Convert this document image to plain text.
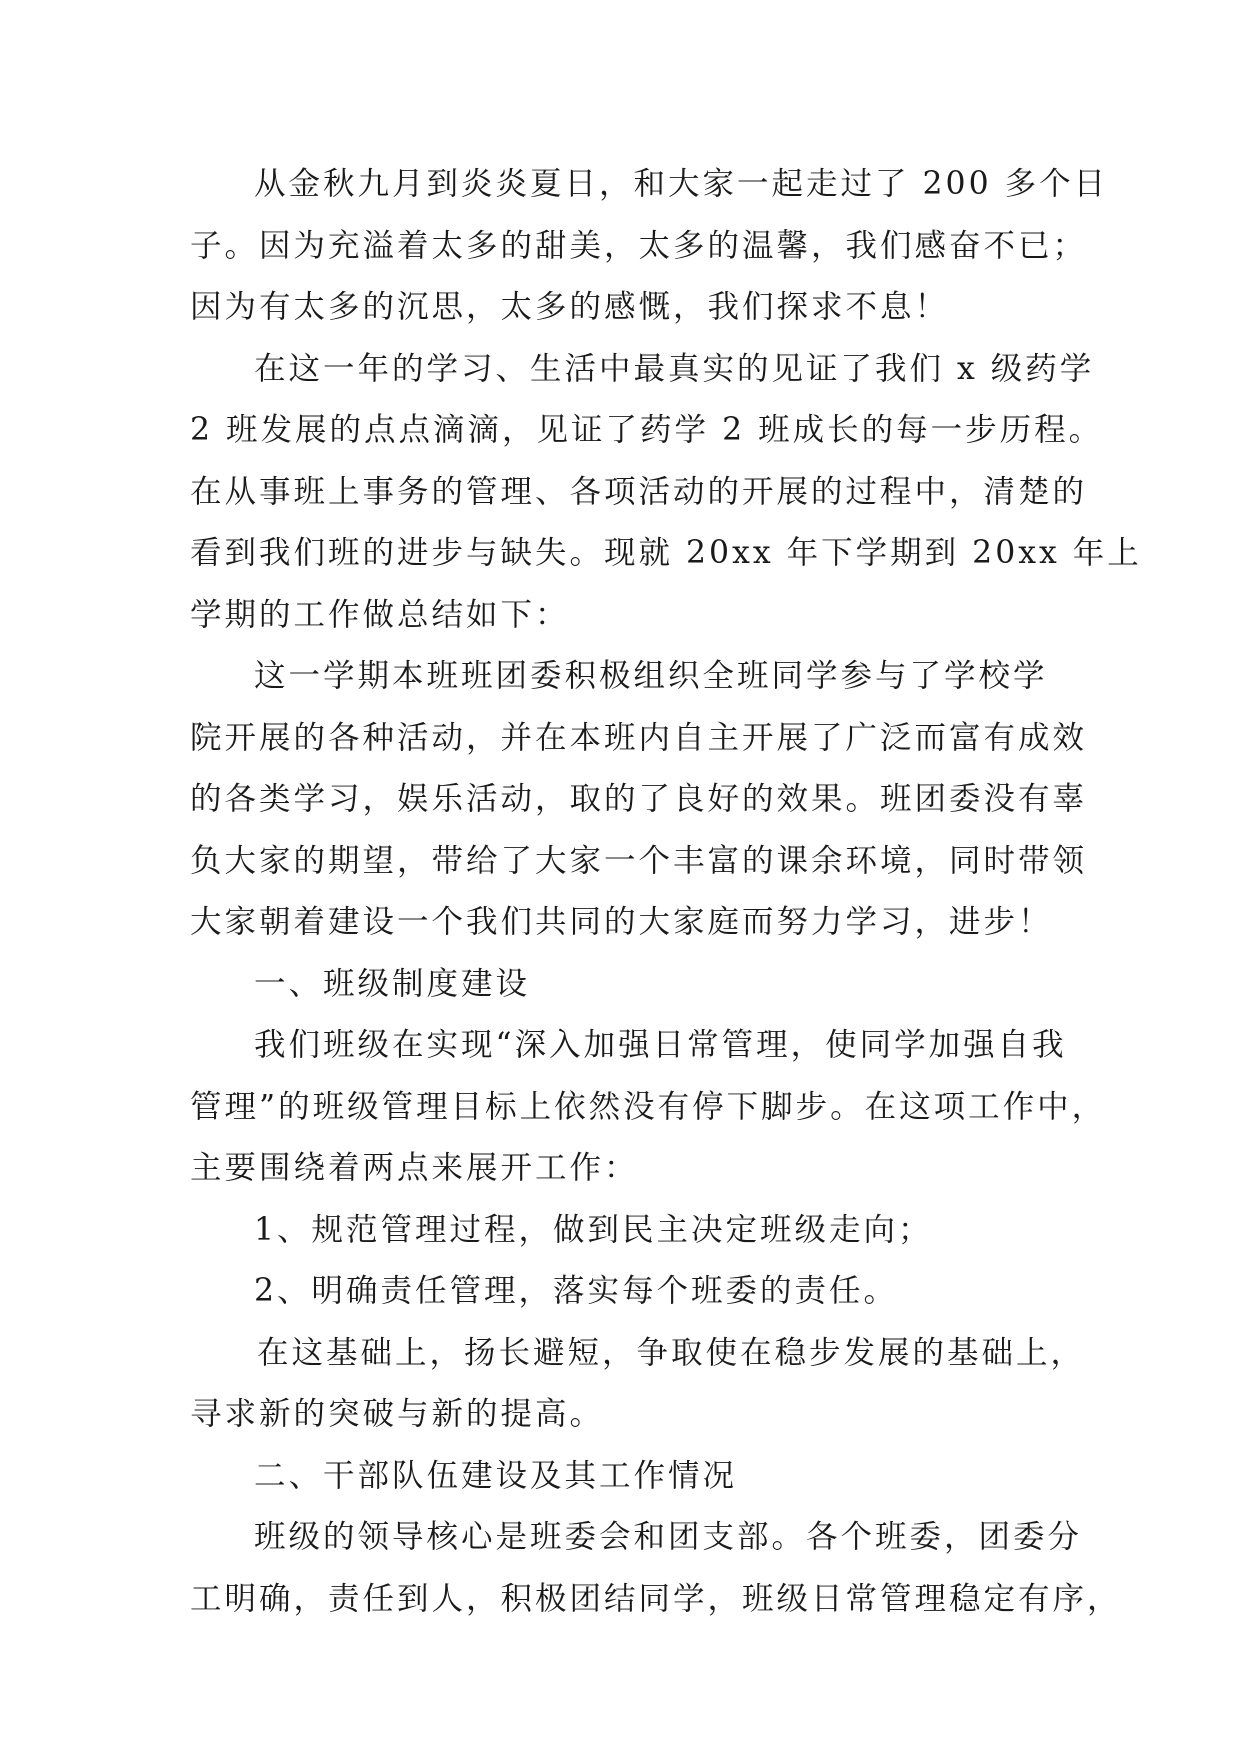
从金秋九月到炎炎夏日，和大家一起走过了 200 多个日
子。因为充溢着太多的甜美，太多的温馨，我们感奋不已；
因为有太多的沉思，太多的感慨，我们探求不息！
在这一年的学习、生活中最真实的见证了我们 x 级药学
2 班发展的点点滴滴，见证了药学 2 班成长的每一步历程。
在从事班上事务的管理、各项活动的开展的过程中，清楚的
看到我们班的进步与缺失。现就 20xx 年下学期到 20xx 年上
学期的工作做总结如下：
这一学期本班班团委积极组织全班同学参与了学校学
院开展的各种活动，并在本班内自主开展了广泛而富有成效
的各类学习，娱乐活动，取的了良好的效果。班团委没有辜
负大家的期望，带给了大家一个丰富的课余环境，同时带领
大家朝着建设一个我们共同的大家庭而努力学习，进步！
一、班级制度建设
我们班级在实现“深入加强日常管理，使同学加强自我
管理”的班级管理目标上依然没有停下脚步。在这项工作中，
主要围绕着两点来展开工作：
1、规范管理过程，做到民主决定班级走向；
2、明确责任管理，落实每个班委的责任。
在这基础上，扬长避短，争取使在稳步发展的基础上，
寻求新的突破与新的提高。
二、干部队伍建设及其工作情况
班级的领导核心是班委会和团支部。各个班委，团委分
工明确，责任到人，积极团结同学，班级日常管理稳定有序，
